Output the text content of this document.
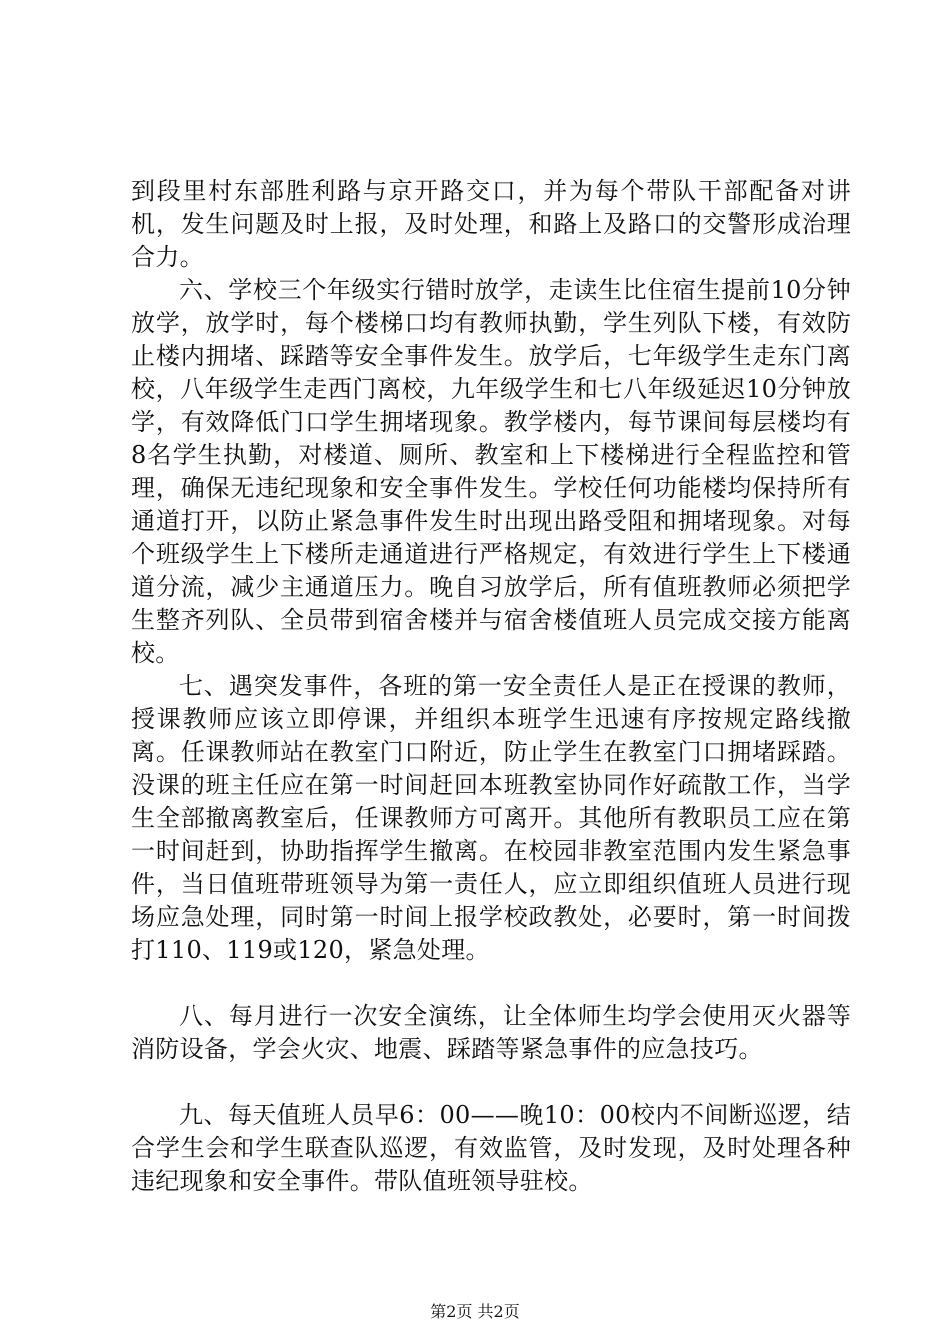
到段里村东部胜利路与京开路交口，并为每个带队干部配备对讲机，发生问题及时上报，及时处理，和路上及路口的交警形成治理合力。

六、学校三个年级实行错时放学，走读生比住宿生提前10分钟放学，放学时，每个楼梯口均有教师执勤，学生列队下楼，有效防止楼内拥堵、踩踏等安全事件发生。放学后，七年级学生走东门离校，八年级学生走西门离校，九年级学生和七八年级延迟10分钟放学，有效降低门口学生拥堵现象。教学楼内，每节课间每层楼均有8名学生执勤，对楼道、厕所、教室和上下楼梯进行全程监控和管理，确保无违纪现象和安全事件发生。学校任何功能楼均保持所有通道打开，以防止紧急事件发生时出现出路受阻和拥堵现象。对每个班级学生上下楼所走通道进行严格规定，有效进行学生上下楼通道分流，减少主通道压力。晚自习放学后，所有值班教师必须把学生整齐列队、全员带到宿舍楼并与宿舍楼值班人员完成交接方能离校。

七、遇突发事件，各班的第一安全责任人是正在授课的教师，授课教师应该立即停课，并组织本班学生迅速有序按规定路线撤离。任课教师站在教室门口附近，防止学生在教室门口拥堵踩踏。没课的班主任应在第一时间赶回本班教室协同作好疏散工作，当学生全部撤离教室后，任课教师方可离开。其他所有教职员工应在第一时间赶到，协助指挥学生撤离。在校园非教室范围内发生紧急事件，当日值班带班领导为第一责任人，应立即组织值班人员进行现场应急处理，同时第一时间上报学校政教处，必要时，第一时间拨打110、119或120，紧急处理。

八、每月进行一次安全演练，让全体师生均学会使用灭火器等消防设备，学会火灾、地震、踩踏等紧急事件的应急技巧。

九、每天值班人员早6：00——晚10：00校内不间断巡逻，结合学生会和学生联查队巡逻，有效监管，及时发现，及时处理各种违纪现象和安全事件。带队值班领导驻校。

第2页 共2页
